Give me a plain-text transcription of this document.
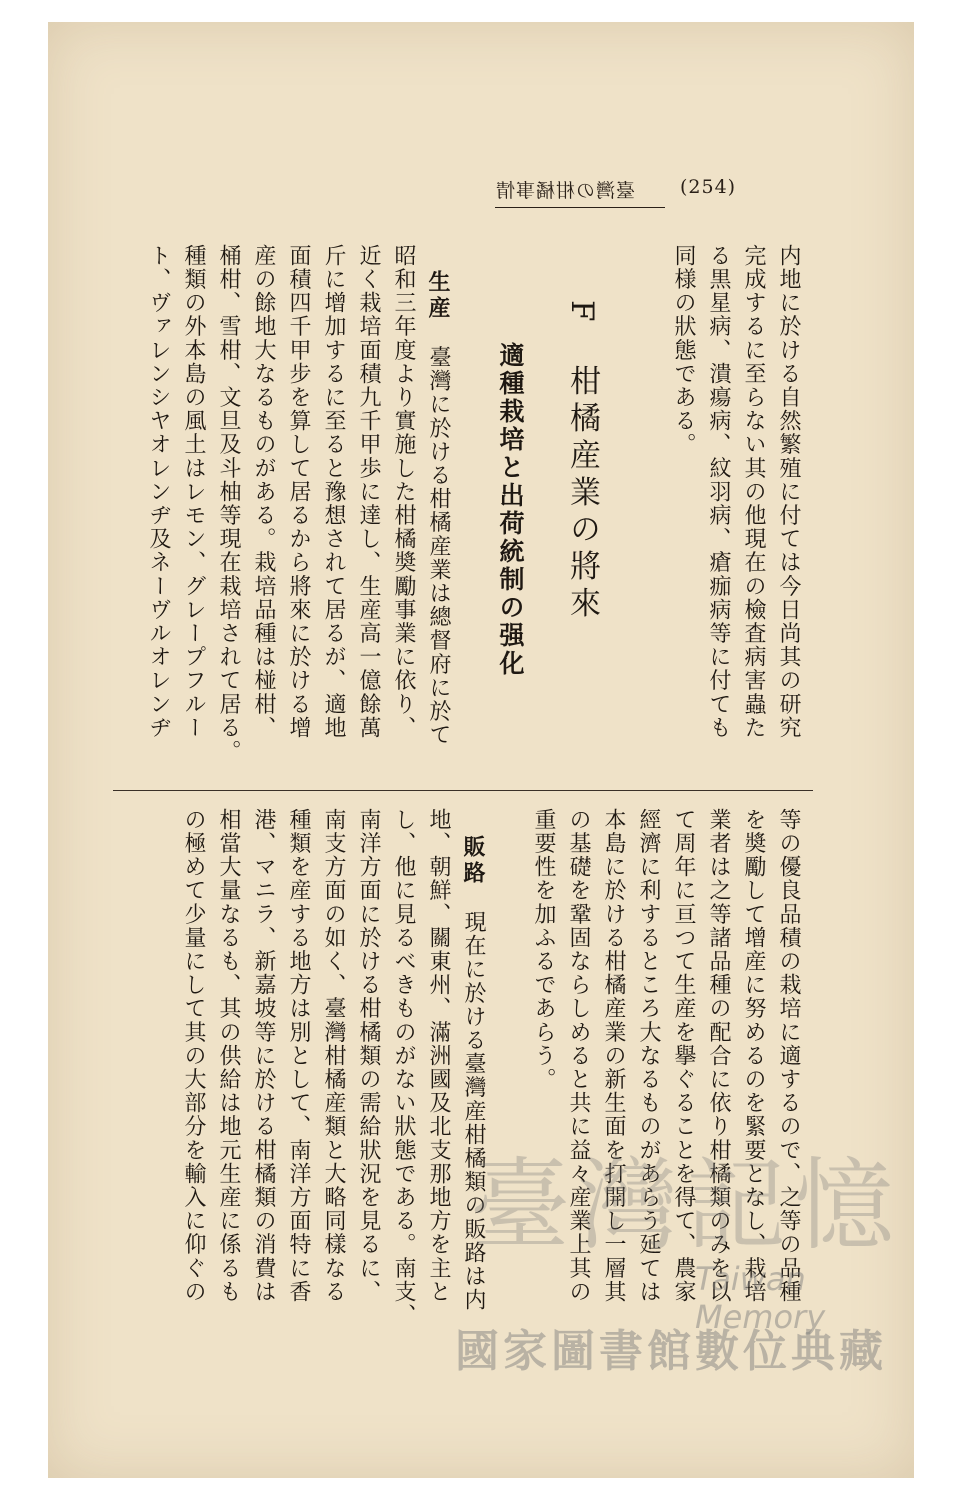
臺灣の柑橘事情	(254)
内地に於ける自然繁殖に付ては今日尚其の研究
完成するに至らない其の他現在の檢査病害蟲た
る黒星病、潰瘍病、紋羽病、瘡痂病等に付ても
同様の狀態である。
F　柑橘産業の將來
適種栽培と出荷統制の强化
生産　臺灣に於ける柑橘産業は總督府に於て
昭和三年度より實施した柑橘奬勵事業に依り、
近く栽培面積九千甲歩に達し、生産高一億餘萬
斤に增加するに至ると豫想されて居るが、適地
面積四千甲步を算して居るから將來に於ける增
産の餘地大なるものがある。栽培品種は椪柑、
桶柑、雪柑、文旦及斗柚等現在栽培されて居る。
種類の外本島の風土はレモン、グレープフルー
ト、ヴァレンシヤオレンヂ及ネーヴルオレンヂ
等の優良品積の栽培に適するので、之等の品種
を奬勵して增産に努めるのを緊要となし、栽培
業者は之等諸品種の配合に依り柑橘類のみを以
て周年に亘つて生産を擧ぐることを得て、農家
經濟に利するところ大なるものがあらう延ては
本島に於ける柑橘産業の新生面を打開し一層其
の基礎を鞏固ならしめると共に益々産業上其の
重要性を加ふるであらう。
販路　現在に於ける臺灣産柑橘類の販路は内
地、朝鮮、關東州、滿洲國及北支那地方を主と
し、他に見るべきものがない狀態である。南支、
南洋方面に於ける柑橘類の需給狀況を見るに、
南支方面の如く、臺灣柑橘産類と大略同樣なる
種類を産する地方は別として、南洋方面特に香
港、マニラ、新嘉坡等に於ける柑橘類の消費は
相當大量なるも、其の供給は地元生産に係るも
の極めて少量にして其の大部分を輸入に仰ぐの	臺灣記憶
Taiwan Memory
國家圖書館數位典藏
